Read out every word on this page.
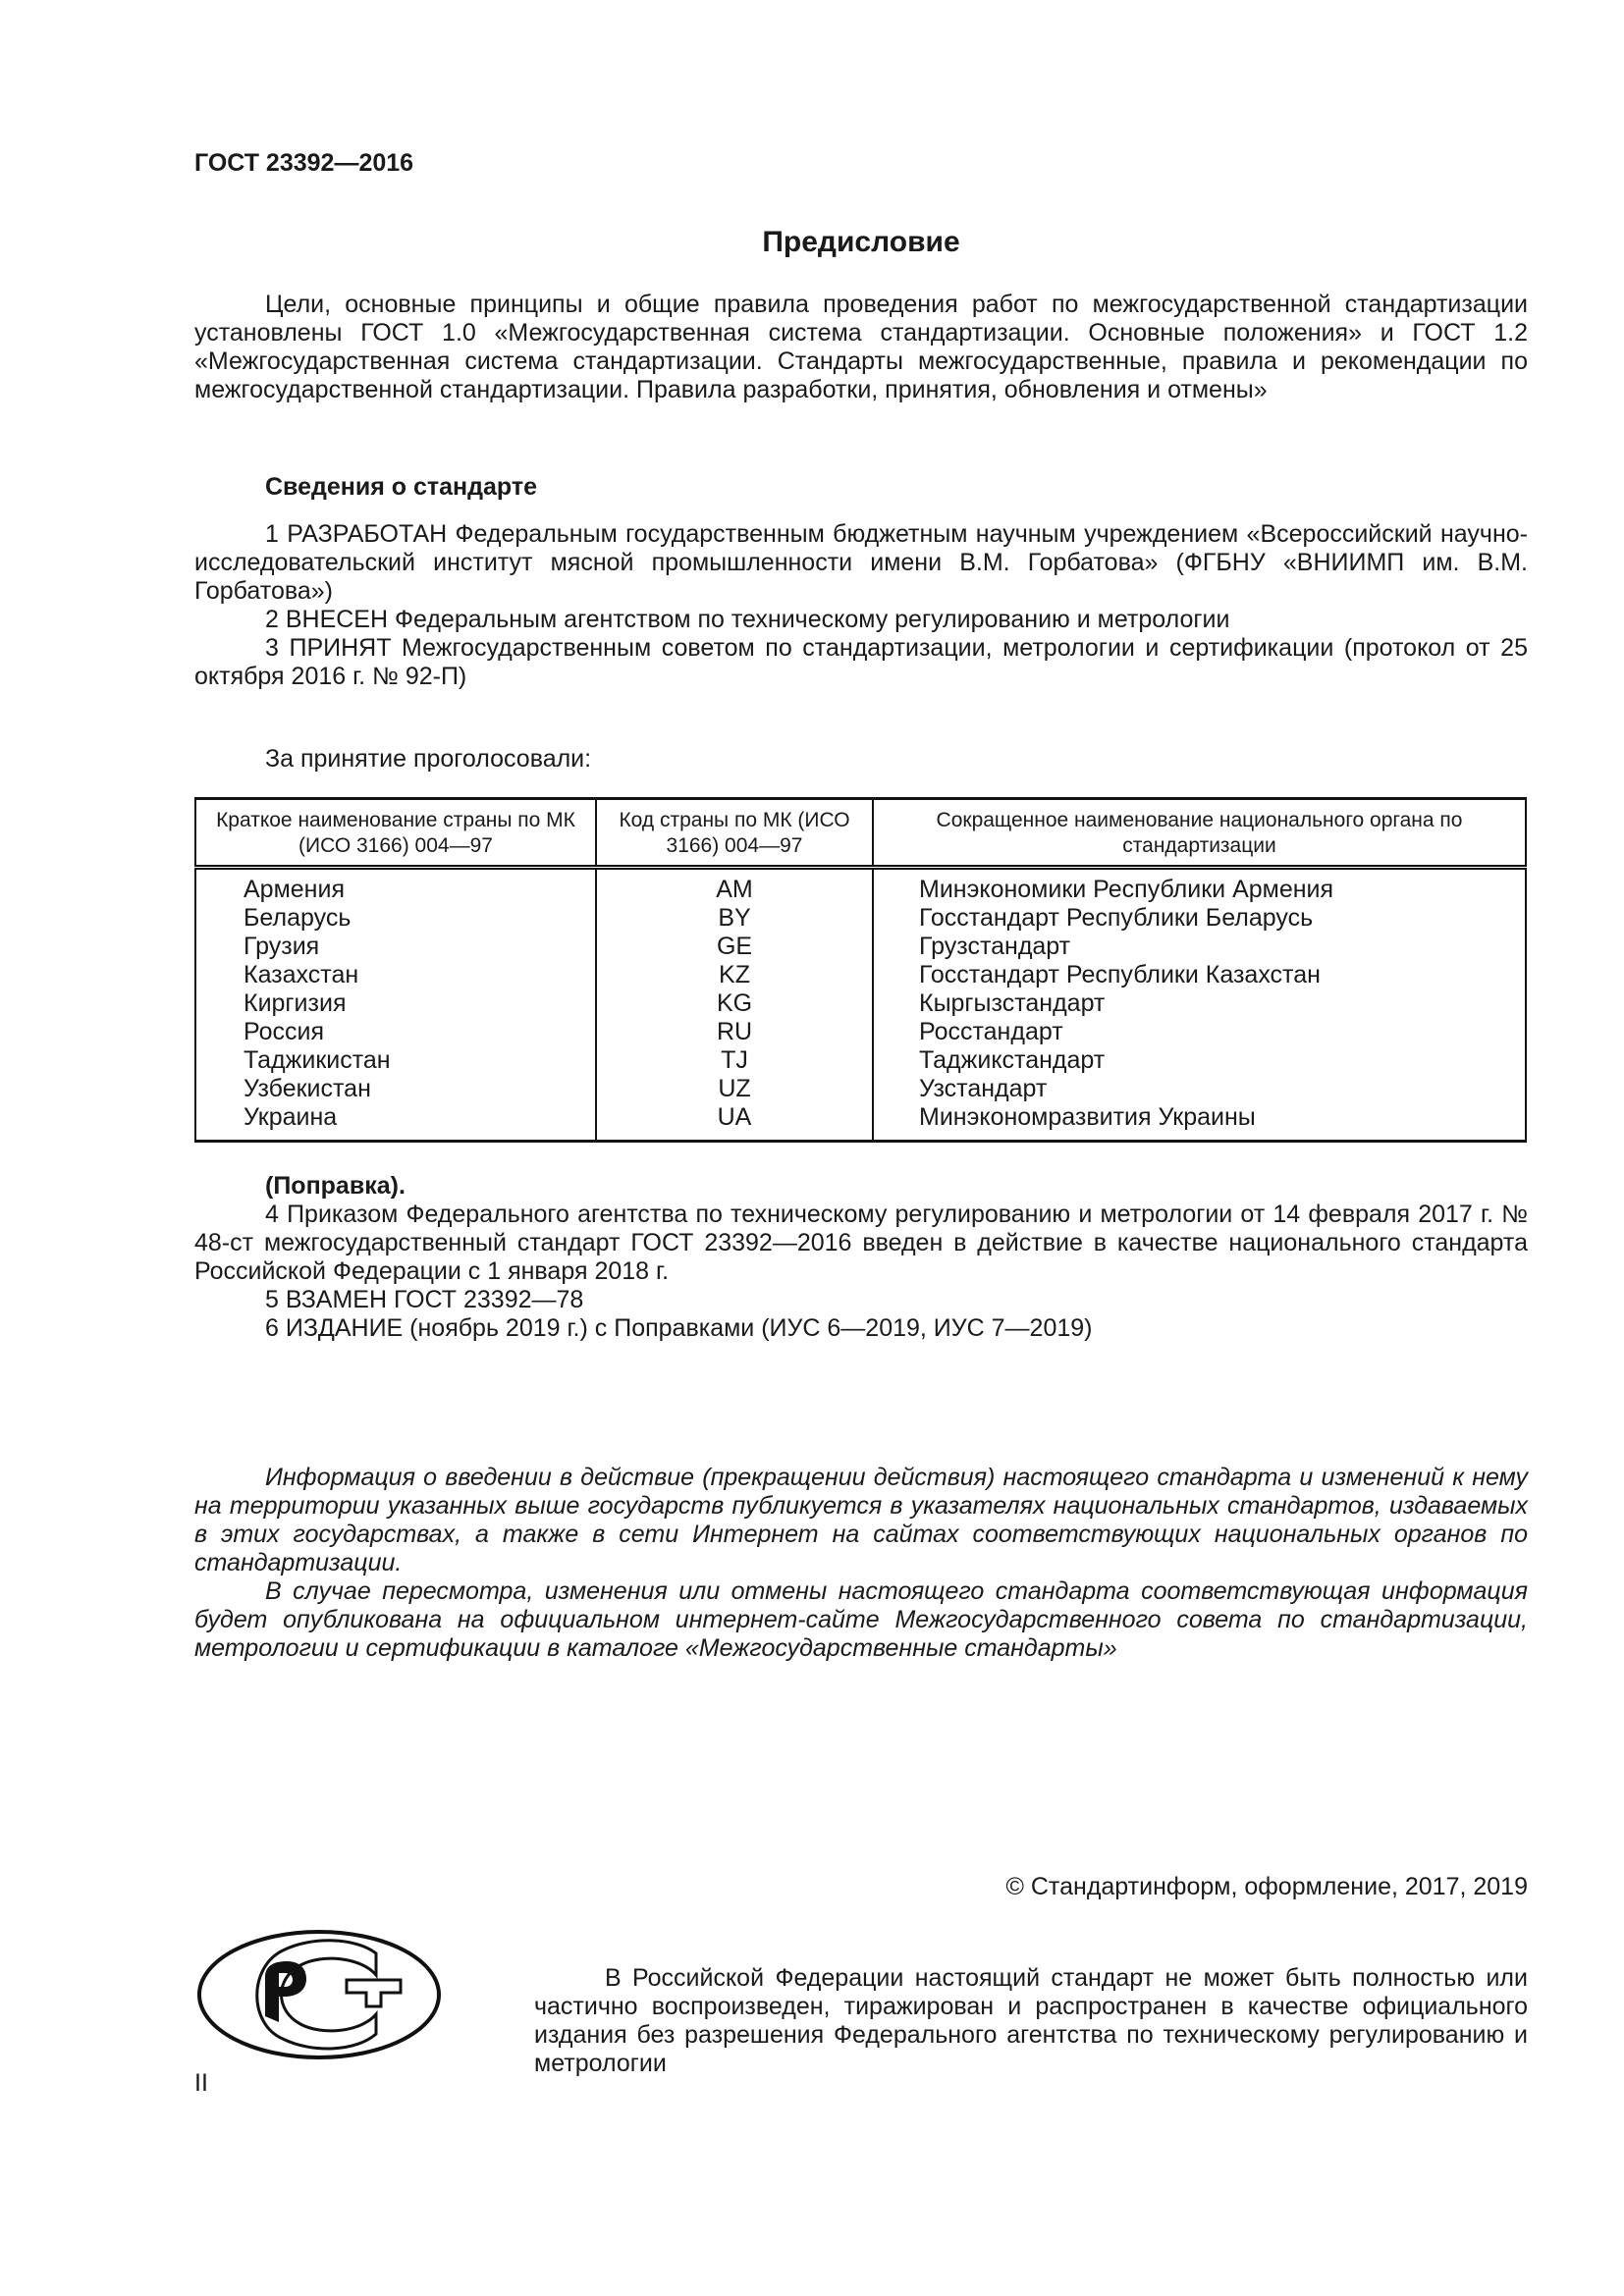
ГОСТ 23392—2016
Предисловие

Цели, основные принципы и общие правила проведения работ по межгосударственной стандартизации установлены ГОСТ 1.0 «Межгосударственная система стандартизации. Основные положения» и ГОСТ 1.2 «Межгосударственная система стандартизации. Стандарты межгосударственные, правила и рекомендации по межгосударственной стандартизации. Правила разработки, принятия, обновления и отмены»

Сведения о стандарте

1 РАЗРАБОТАН Федеральным государственным бюджетным научным учреждением «Всероссийский научно-исследовательский институт мясной промышленности имени В.М. Горбатова» (ФГБНУ «ВНИИМП им. В.М. Горбатова»)

2 ВНЕСЕН Федеральным агентством по техническому регулированию и метрологии

3 ПРИНЯТ Межгосударственным советом по стандартизации, метрологии и сертификации (протокол от 25 октября 2016 г. № 92-П)

За принятие проголосовали:

Краткое наименование страны по МК (ИСО 3166) 004—97	Код страны по МК (ИСО 3166) 004—97	Сокращенное наименование национального органа по стандартизации
Армения	AM	Минэкономики Республики Армения
Беларусь	BY	Госстандарт Республики Беларусь
Грузия	GE	Грузстандарт
Казахстан	KZ	Госстандарт Республики Казахстан
Киргизия	KG	Кыргызстандарт
Россия	RU	Росстандарт
Таджикистан	TJ	Таджикстандарт
Узбекистан	UZ	Узстандарт
Украина	UA	Минэкономразвития Украины

(Поправка).

4 Приказом Федерального агентства по техническому регулированию и метрологии от 14 февраля 2017 г. № 48-ст межгосударственный стандарт ГОСТ 23392—2016 введен в действие в качестве национального стандарта Российской Федерации с 1 января 2018 г.

5 ВЗАМЕН ГОСТ 23392—78

6 ИЗДАНИЕ (ноябрь 2019 г.) с Поправками (ИУС 6—2019, ИУС 7—2019)

Информация о введении в действие (прекращении действия) настоящего стандарта и изменений к нему на территории указанных выше государств публикуется в указателях национальных стандартов, издаваемых в этих государствах, а также в сети Интернет на сайтах соответствующих национальных органов по стандартизации.

В случае пересмотра, изменения или отмены настоящего стандарта соответствующая информация будет опубликована на официальном интернет-сайте Межгосударственного совета по стандартизации, метрологии и сертификации в каталоге «Межгосударственные стандарты»

© Стандартинформ, оформление, 2017, 2019

В Российской Федерации настоящий стандарт не может быть полностью или частично воспроизведен, тиражирован и распространен в качестве официального издания без разрешения Федерального агентства по техническому регулированию и метрологии

II
